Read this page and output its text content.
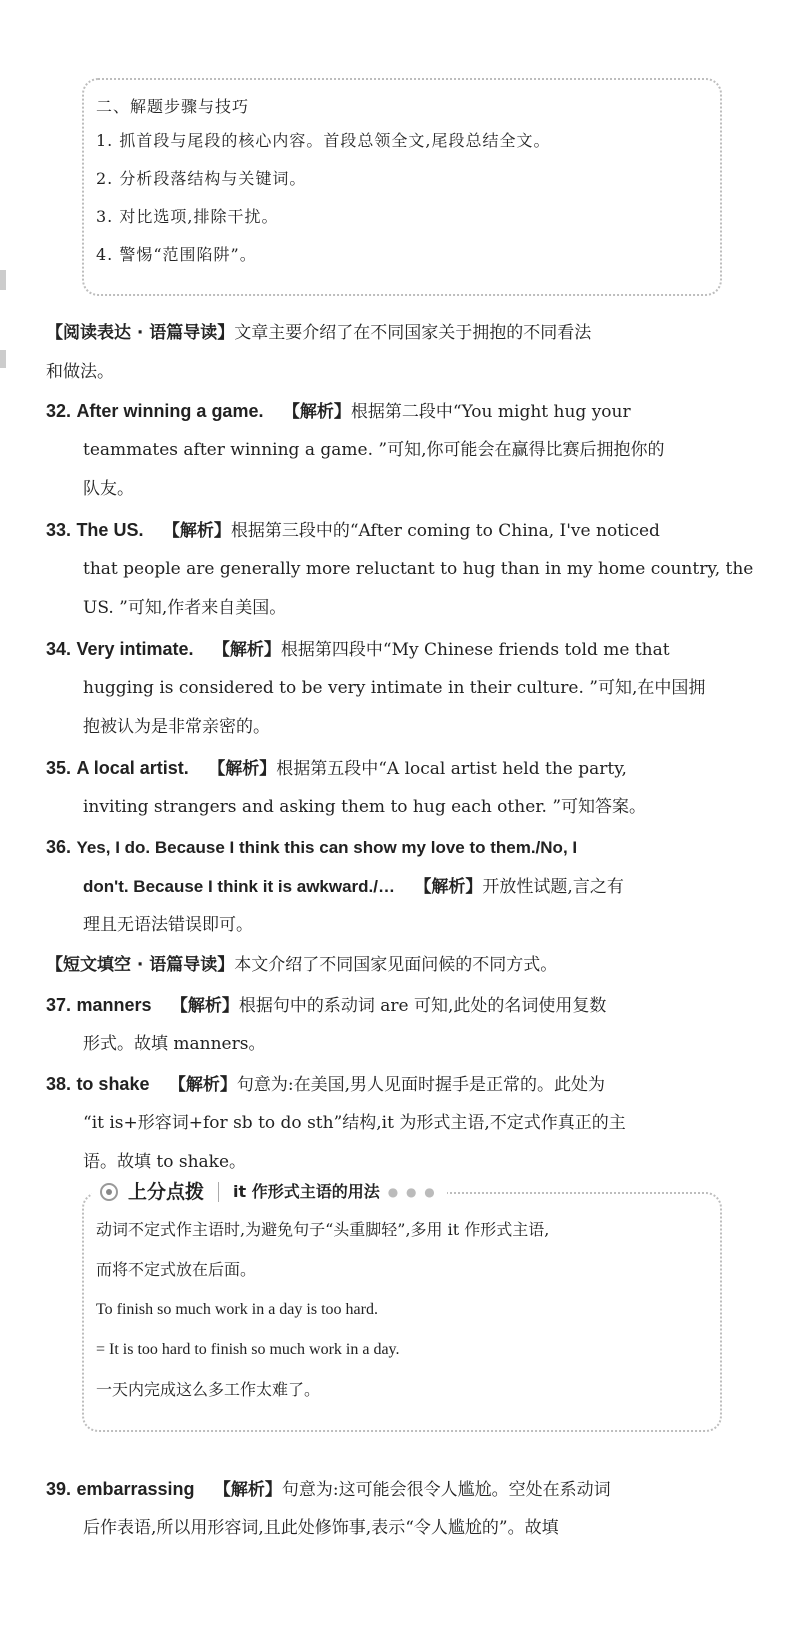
二、解题步骤与技巧
1. 抓首段与尾段的核心内容。首段总领全文,尾段总结全文。
2. 分析段落结构与关键词。
3. 对比选项,排除干扰。
4. 警惕“范围陷阱”。
【阅读表达 · 语篇导读】文章主要介绍了在不同国家关于拥抱的不同看法
和做法。
32. After winning a game. 【解析】根据第二段中“You might hug your
teammates after winning a game. ”可知,你可能会在赢得比赛后拥抱你的
队友。
33. The US. 【解析】根据第三段中的“After coming to China, I've noticed
that people are generally more reluctant to hug than in my home country, the
US. ”可知,作者来自美国。
34. Very intimate. 【解析】根据第四段中“My Chinese friends told me that
hugging is considered to be very intimate in their culture. ”可知,在中国拥
抱被认为是非常亲密的。
35. A local artist. 【解析】根据第五段中“A local artist held the party,
inviting strangers and asking them to hug each other. ”可知答案。
36. Yes, I do. Because I think this can show my love to them./No, I
don't. Because I think it is awkward./… 【解析】开放性试题,言之有
理且无语法错误即可。
【短文填空 · 语篇导读】本文介绍了不同国家见面问候的不同方式。
37. manners 【解析】根据句中的系动词 are 可知,此处的名词使用复数
形式。故填 manners。
38. to shake 【解析】句意为:在美国,男人见面时握手是正常的。此处为
“it is+形容词+for sb to do sth”结构,it 为形式主语,不定式作真正的主
语。故填 to shake。
动词不定式作主语时,为避免句子“头重脚轻”,多用 it 作形式主语,
而将不定式放在后面。
To finish so much work in a day is too hard.
= It is too hard to finish so much work in a day.
一天内完成这么多工作太难了。
上分点拨 it 作形式主语的用法 ● ● ●
39. embarrassing 【解析】句意为:这可能会很令人尴尬。空处在系动词
后作表语,所以用形容词,且此处修饰事,表示“令人尴尬的”。故填
